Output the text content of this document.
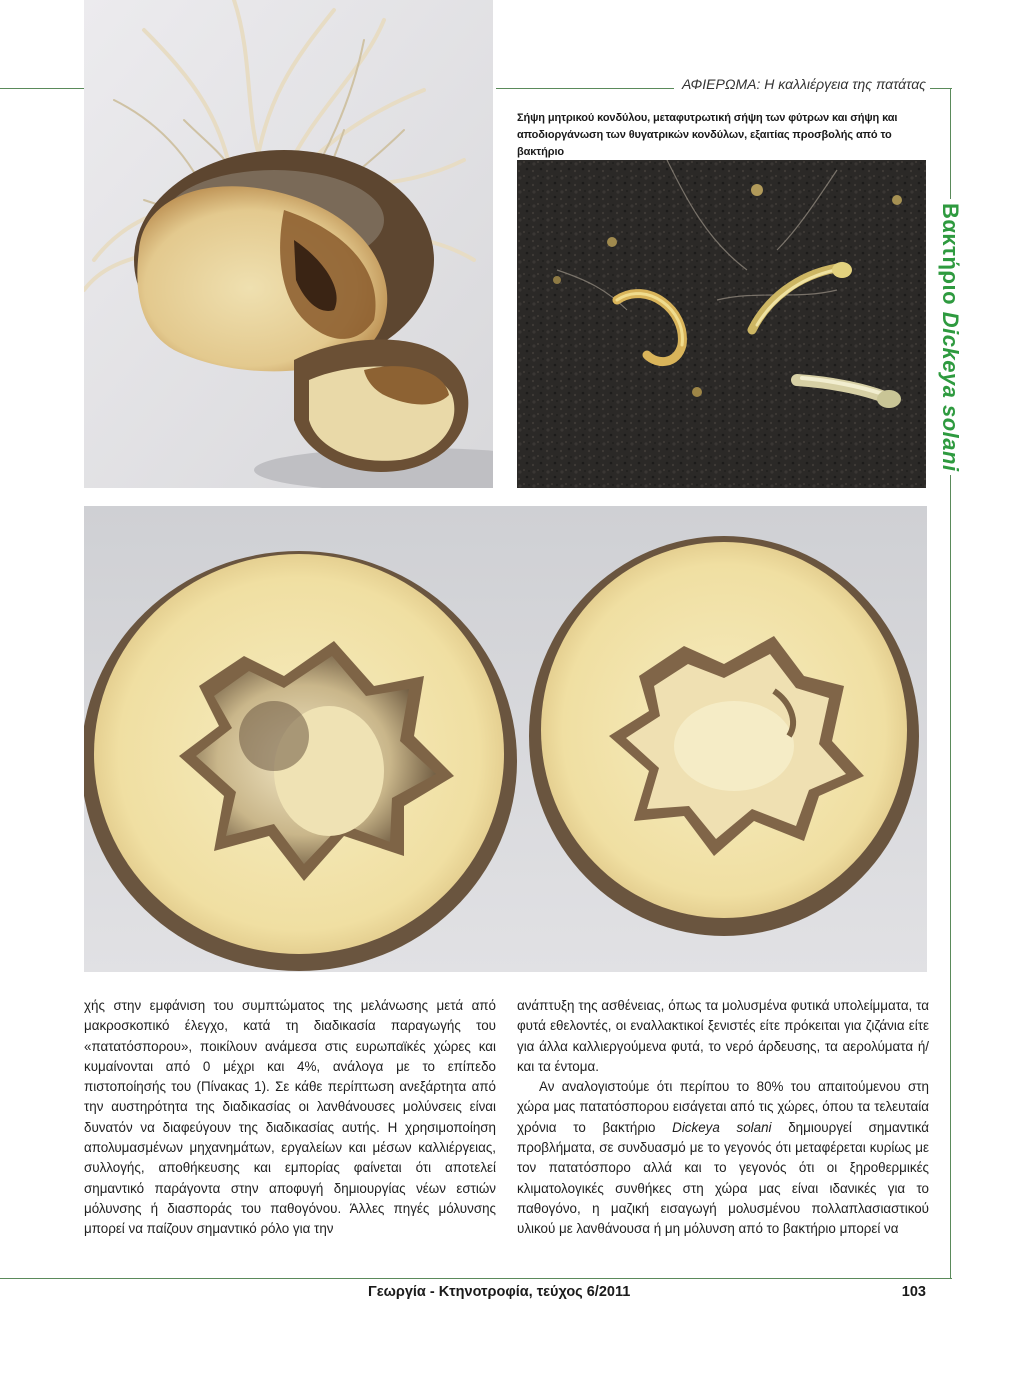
ΑΦΙΕΡΩΜΑ: Η καλλιέργεια της πατάτας
Σήψη μητρικού κονδύλου, μεταφυτρωτική σήψη των φύτρων και σήψη και αποδιοργάνωση των θυγατρικών κονδύλων, εξαιτίας προσβολής από το βακτήριο
Βακτήριο Dickeya solani

χής στην εμφάνιση του συμπτώματος της μελάνωσης μετά από μακροσκοπικό έλεγχο, κατά τη διαδικασία παραγωγής του «πατατόσπορου», ποικίλουν ανάμεσα στις ευρωπαϊκές χώρες και κυμαίνονται από 0 μέχρι και 4%, ανάλογα με το επίπεδο πιστοποίησής του (Πίνακας 1). Σε κάθε περίπτωση ανεξάρτητα από την αυστηρότητα της διαδικασίας οι λανθάνουσες μολύνσεις είναι δυνατόν να διαφεύγουν της διαδικασίας αυτής. Η χρησιμοποίηση απολυμασμένων μηχανημάτων, εργαλείων και μέσων καλλιέργειας, συλλογής, αποθήκευσης και εμπορίας φαίνεται ότι αποτελεί σημαντικό παράγοντα στην αποφυγή δημιουργίας νέων εστιών μόλυνσης ή διασποράς του παθογόνου. Άλλες πηγές μόλυνσης μπορεί να παίζουν σημαντικό ρόλο για την

ανάπτυξη της ασθένειας, όπως τα μολυσμένα φυτικά υπολείμματα, τα φυτά εθελοντές, οι εναλλακτικοί ξενιστές είτε πρόκειται για ζιζάνια είτε για άλλα καλλιεργούμενα φυτά, το νερό άρδευσης, τα αερολύματα ή/και τα έντομα.

Αν αναλογιστούμε ότι περίπου το 80% του απαιτούμενου στη χώρα μας πατατόσπορου εισάγεται από τις χώρες, όπου τα τελευταία χρόνια το βακτήριο Dickeya solani δημιουργεί σημαντικά προβλήματα, σε συνδυασμό με το γεγονός ότι μεταφέρεται κυρίως με τον πατατόσπορο αλλά και το γεγονός ότι οι ξηροθερμικές κλιματολογικές συνθήκες στη χώρα μας είναι ιδανικές για το παθογόνο, η μαζική εισαγωγή μολυσμένου πολλαπλασιαστικού υλικού με λανθάνουσα ή μη μόλυνση από το βακτήριο μπορεί να

Γεωργία - Κτηνοτροφία, τεύχος 6/2011	103
